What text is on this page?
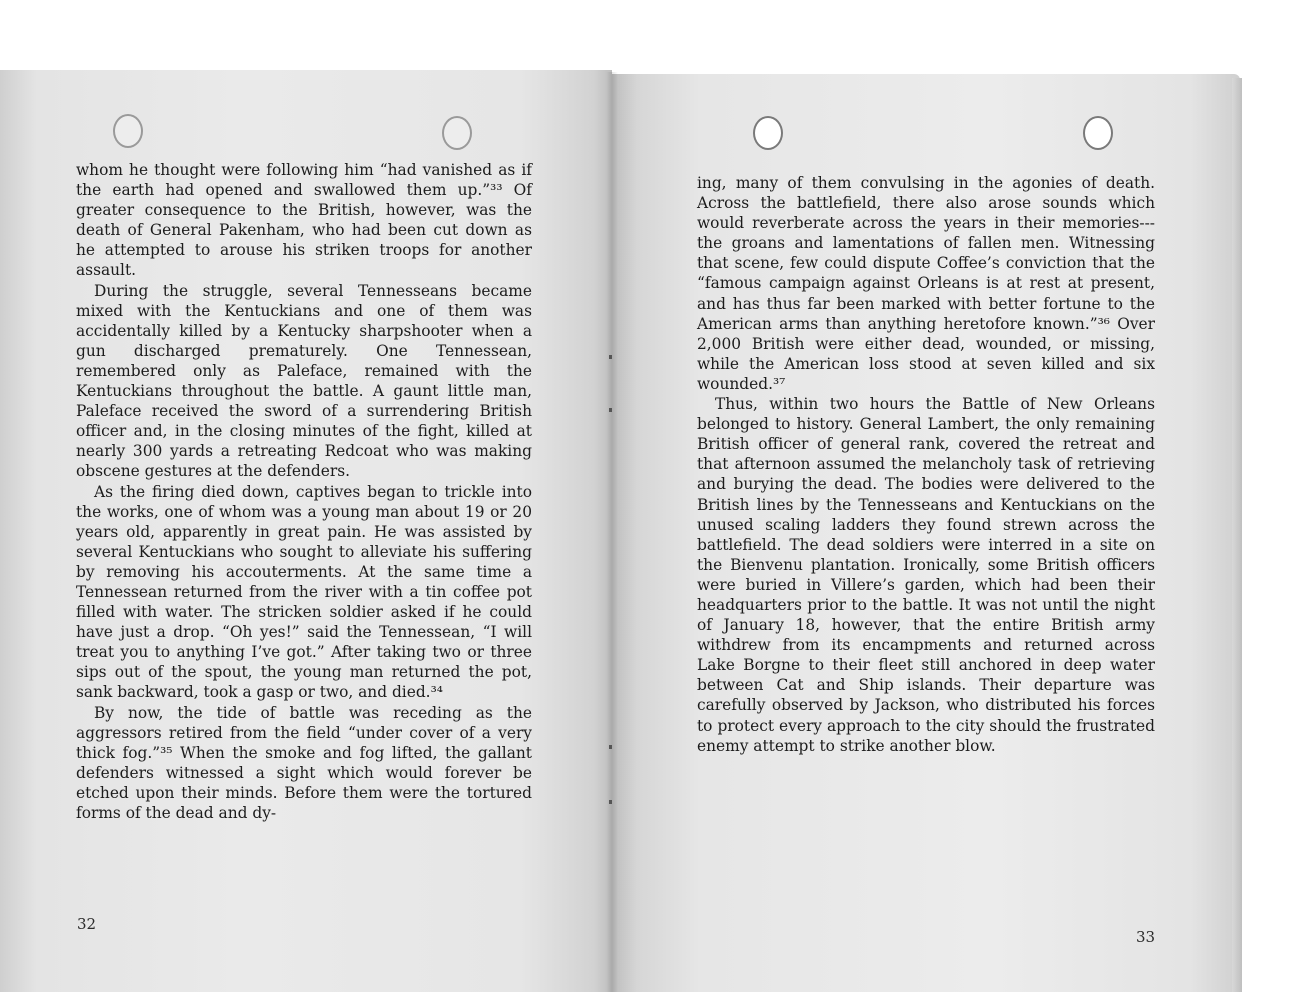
whom he thought were following him “had vanished as if the earth had opened and swallowed them up.”³³ Of greater consequence to the British, however, was the death of General Pakenham, who had been cut down as he attempted to arouse his striken troops for another assault.

During the struggle, several Tennesseans became mixed with the Kentuckians and one of them was accidentally killed by a Kentucky sharpshooter when a gun discharged prematurely. One Tennessean, remembered only as Paleface, remained with the Kentuckians throughout the battle. A gaunt little man, Paleface received the sword of a surrendering British officer and, in the closing minutes of the fight, killed at nearly 300 yards a retreating Redcoat who was making obscene gestures at the defenders.

As the firing died down, captives began to trickle into the works, one of whom was a young man about 19 or 20 years old, apparently in great pain. He was assisted by several Kentuckians who sought to alleviate his suffering by removing his accouterments. At the same time a Tennessean returned from the river with a tin coffee pot filled with water. The stricken soldier asked if he could have just a drop. “Oh yes!” said the Tennessean, “I will treat you to anything I’ve got.” After taking two or three sips out of the spout, the young man returned the pot, sank backward, took a gasp or two, and died.³⁴

By now, the tide of battle was receding as the aggressors retired from the field “under cover of a very thick fog.”³⁵ When the smoke and fog lifted, the gallant defenders witnessed a sight which would forever be etched upon their minds. Before them were the tortured forms of the dead and dy-

ing, many of them convulsing in the agonies of death. Across the battlefield, there also arose sounds which would reverberate across the years in their memories---the groans and lamentations of fallen men. Witnessing that scene, few could dispute Coffee’s conviction that the “famous campaign against Orleans is at rest at present, and has thus far been marked with better fortune to the American arms than anything heretofore known.”³⁶ Over 2,000 British were either dead, wounded, or missing, while the American loss stood at seven killed and six wounded.³⁷

Thus, within two hours the Battle of New Orleans belonged to history. General Lambert, the only remaining British officer of general rank, covered the retreat and that afternoon assumed the melancholy task of retrieving and burying the dead. The bodies were delivered to the British lines by the Tennesseans and Kentuckians on the unused scaling ladders they found strewn across the battlefield. The dead soldiers were interred in a site on the Bienvenu plantation. Ironically, some British officers were buried in Villere’s garden, which had been their headquarters prior to the battle. It was not until the night of January 18, however, that the entire British army withdrew from its encampments and returned across Lake Borgne to their fleet still anchored in deep water between Cat and Ship islands. Their departure was carefully observed by Jackson, who distributed his forces to protect every approach to the city should the frustrated enemy attempt to strike another blow.

32
33
